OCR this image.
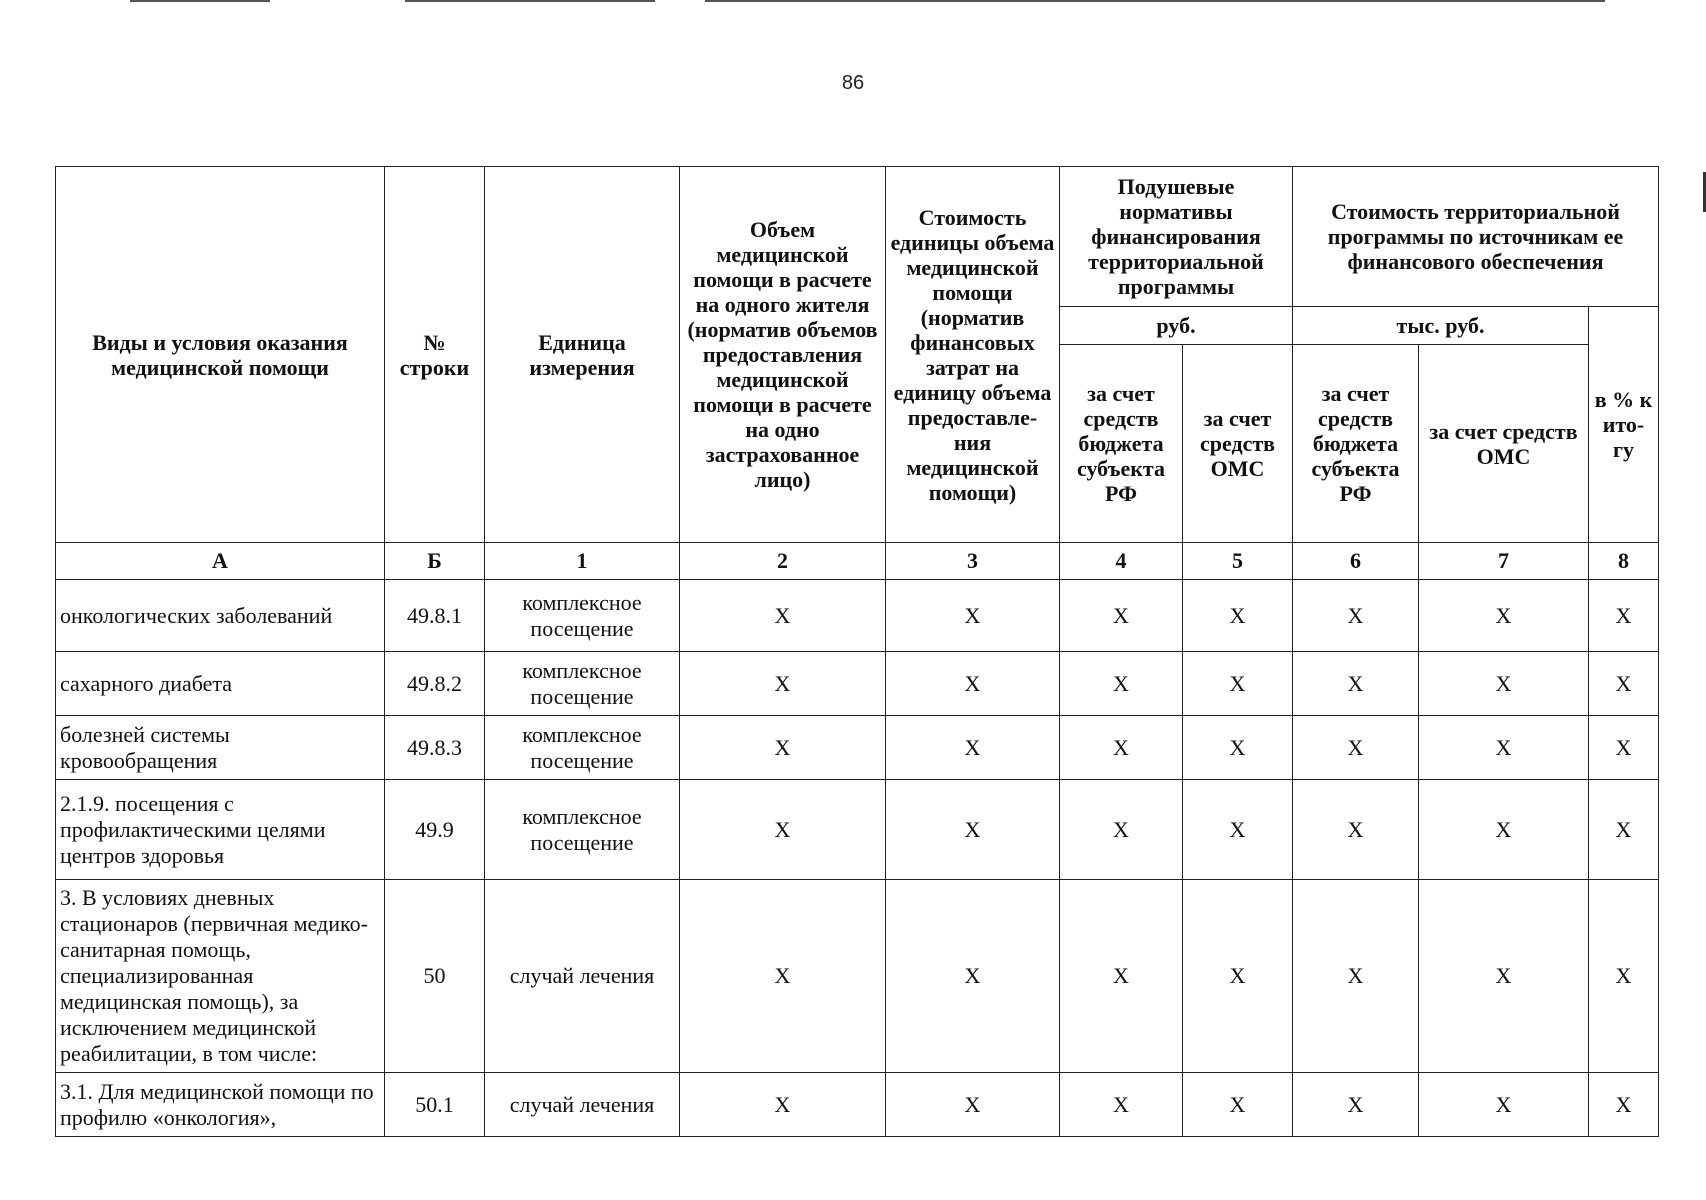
86
Виды и условия оказания медицинской помощи	№ строки	Единица измерения	Объем медицинской помощи в расчете на одного жителя (норматив объемов предоставления медицинской помощи в расчете на одно застрахованное лицо)	Стоимость единицы объема медицинской помощи (норматив финансовых затрат на единицу объема предоставле-ния медицинской помощи)	Подушевые нормативы финансирования территориальной программы		Стоимость территориальной программы по источникам ее финансового обеспечения		
					руб.		тыс. руб.		в % к ито-гу
					за счет средств бюджета субъекта РФ	за счет средств ОМС	за счет средств бюджета субъекта РФ	за счет средств ОМС	
А	Б	1	2	3	4	5	6	7	8
онкологических заболеваний	49.8.1	комплексное посещение	Х	Х	Х	Х	Х	Х	Х
сахарного диабета	49.8.2	комплексное посещение	Х	Х	Х	Х	Х	Х	Х
болезней системы кровообращения	49.8.3	комплексное посещение	Х	Х	Х	Х	Х	Х	Х
2.1.9. посещения с профилактическими целями центров здоровья	49.9	комплексное посещение	Х	Х	Х	Х	Х	Х	Х
3. В условиях дневных стационаров (первичная медико-санитарная помощь, специализированная медицинская помощь), за исключением медицинской реабилитации, в том числе:	50	случай лечения	Х	Х	Х	Х	Х	Х	Х
3.1. Для медицинской помощи по профилю «онкология»,	50.1	случай лечения	Х	Х	Х	Х	Х	Х	Х
